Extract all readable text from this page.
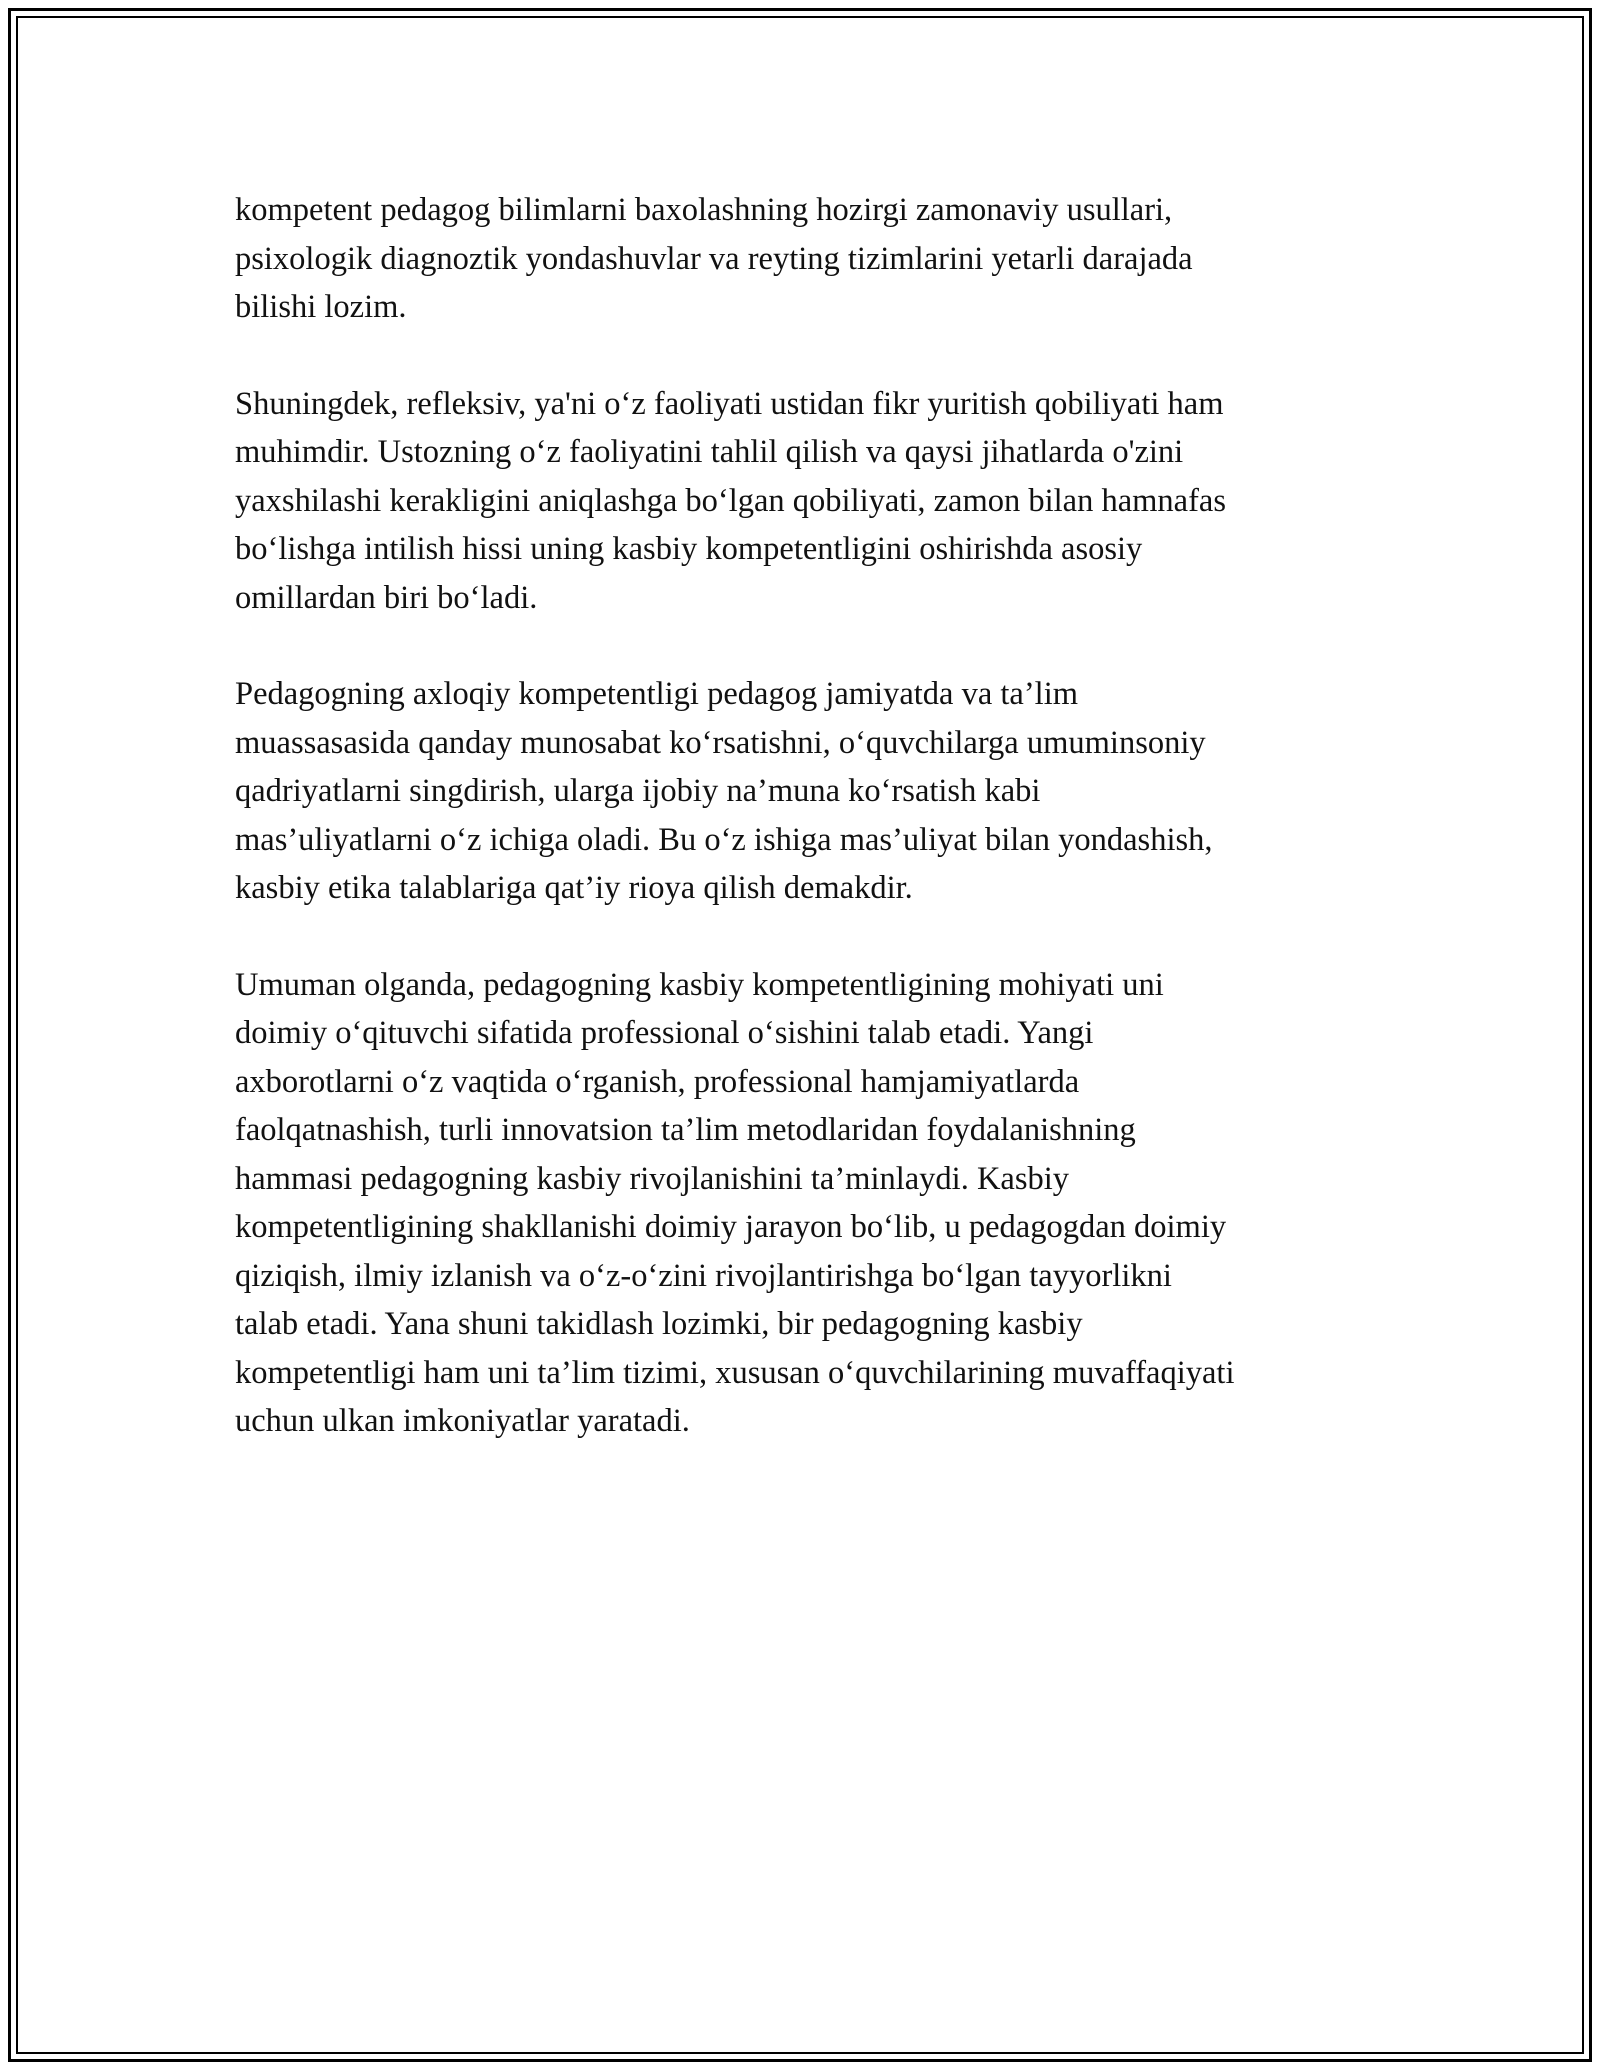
kompetent pedagog bilimlarni baxolashning hozirgi zamonaviy usullari,
psixologik diagnoztik yondashuvlar va reyting tizimlarini yetarli darajada
bilishi lozim.

Shuningdek, refleksiv, ya'ni o‘z faoliyati ustidan fikr yuritish qobiliyati ham
muhimdir. Ustozning o‘z faoliyatini tahlil qilish va qaysi jihatlarda o'zini
yaxshilashi kerakligini aniqlashga bo‘lgan qobiliyati, zamon bilan hamnafas
bo‘lishga intilish hissi uning kasbiy kompetentligini oshirishda asosiy
omillardan biri bo‘ladi.

Pedagogning axloqiy kompetentligi pedagog jamiyatda va ta’lim
muassasasida qanday munosabat ko‘rsatishni, o‘quvchilarga umuminsoniy
qadriyatlarni singdirish, ularga ijobiy na’muna ko‘rsatish kabi
mas’uliyatlarni o‘z ichiga oladi. Bu o‘z ishiga mas’uliyat bilan yondashish,
kasbiy etika talablariga qat’iy rioya qilish demakdir.

Umuman olganda, pedagogning kasbiy kompetentligining mohiyati uni
doimiy o‘qituvchi sifatida professional o‘sishini talab etadi. Yangi
axborotlarni o‘z vaqtida o‘rganish, professional hamjamiyatlarda
faolqatnashish, turli innovatsion ta’lim metodlaridan foydalanishning
hammasi pedagogning kasbiy rivojlanishini ta’minlaydi. Kasbiy
kompetentligining shakllanishi doimiy jarayon bo‘lib, u pedagogdan doimiy
qiziqish, ilmiy izlanish va o‘z-o‘zini rivojlantirishga bo‘lgan tayyorlikni
talab etadi. Yana shuni takidlash lozimki, bir pedagogning kasbiy
kompetentligi ham uni ta’lim tizimi, xususan o‘quvchilarining muvaffaqiyati
uchun ulkan imkoniyatlar yaratadi.
